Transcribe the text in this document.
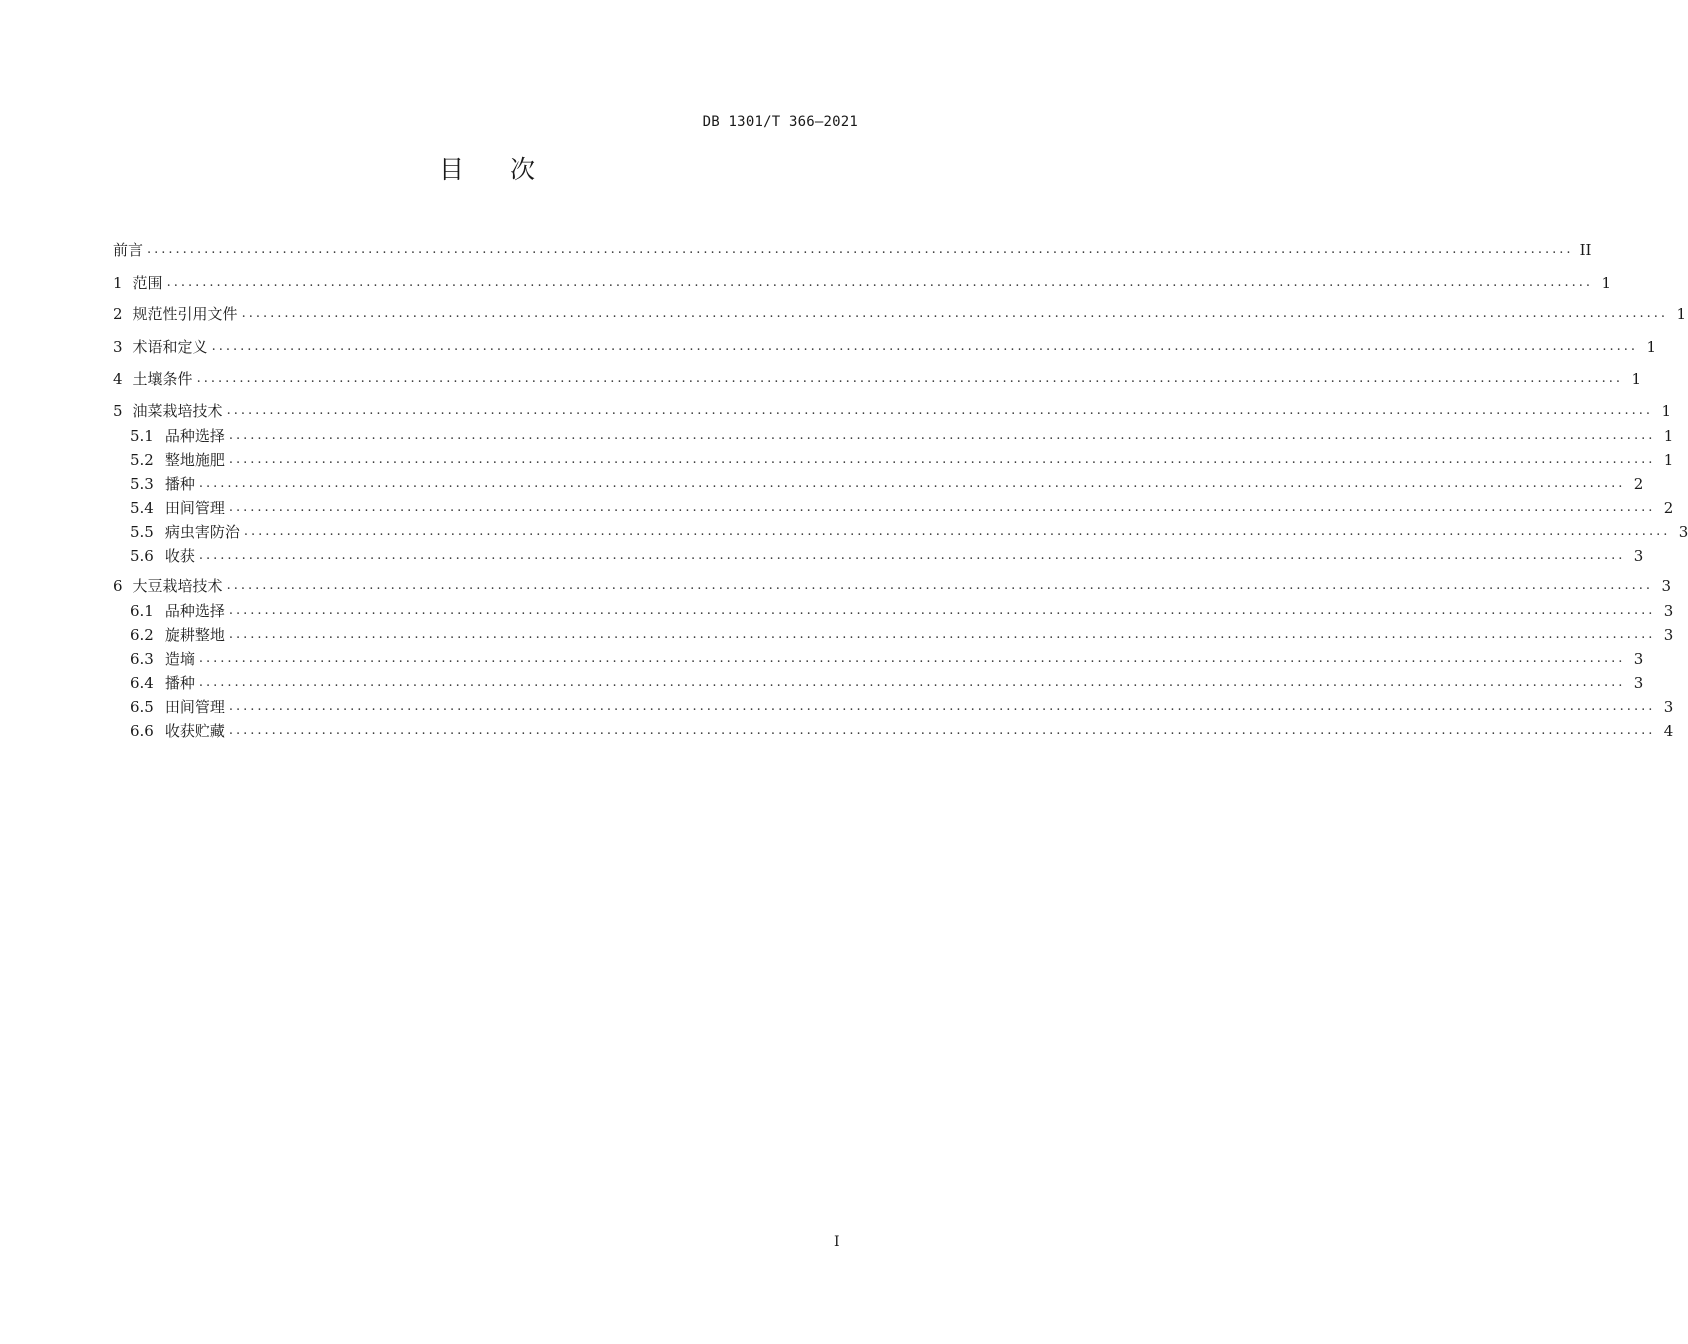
DB 1301/T 366—2021
目 次
前言 ........................................................................................................................................................................................................ II
1 范围 ........................................................................................................................................................................................................ 1
2 规范性引用文件 ........................................................................................................................................................................................................ 1
3 术语和定义 ........................................................................................................................................................................................................ 1
4 土壤条件 ........................................................................................................................................................................................................ 1
5 油菜栽培技术 ........................................................................................................................................................................................................ 1
5.1 品种选择 ........................................................................................................................................................................................................ 1
5.2 整地施肥 ........................................................................................................................................................................................................ 1
5.3 播种 ........................................................................................................................................................................................................ 2
5.4 田间管理 ........................................................................................................................................................................................................ 2
5.5 病虫害防治 ........................................................................................................................................................................................................ 3
5.6 收获 ........................................................................................................................................................................................................ 3
6 大豆栽培技术 ........................................................................................................................................................................................................ 3
6.1 品种选择 ........................................................................................................................................................................................................ 3
6.2 旋耕整地 ........................................................................................................................................................................................................ 3
6.3 造墒 ........................................................................................................................................................................................................ 3
6.4 播种 ........................................................................................................................................................................................................ 3
6.5 田间管理 ........................................................................................................................................................................................................ 3
6.6 收获贮藏 ........................................................................................................................................................................................................ 4
I
